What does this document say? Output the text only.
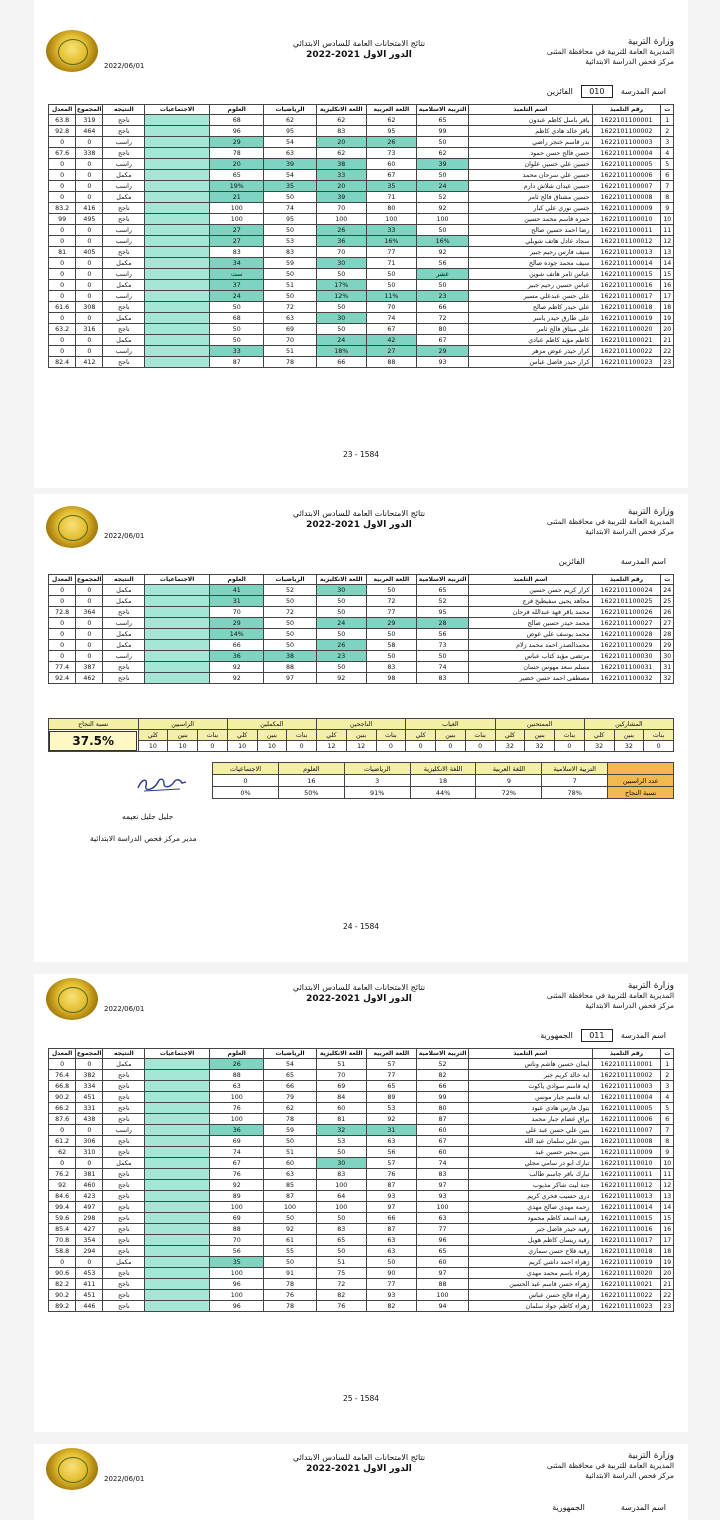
2022/06/01
نتائج الامتحانات العامة للسادس الابتدائي
2022-2021 الدور الاول
وزارة التربية
المديرية العامة للتربية في محافظة المثنى
مركز فحص الدراسة الابتدائية
اسم المدرسة
010
الفائزين
ت	رقم التلميذ	اسم التلميذ	التربية الاسلامية	اللغة العربية	اللغة الانكليزية	الرياضيات	العلوم	الاجتماعيات	النتيجه	المجموع	المعدل
1	1622101100001	باقر باسل كاظم عبدون	65	62	62	62	68		ناجح	319	63.8
2	1622101100002	باقر خالد هادي كاظم	99	95	83	95	96		ناجح	464	92.8
3	1622101100003	بدر قاسم خنجر راضي	50	26	20	54	29		راسب	0	0
4	1622101100004	حسن فالح حسن حمود	62	73	62	63	78		ناجح	338	67.6
5	1622101100005	حسين علي حسين علوان	39	60	38	39	20		راسب	0	0
6	1622101100006	حسين علي سرحان محمد	50	67	33	54	65		مكمل	0	0
7	1622101100007	حسين عيدان شلاش دارم	24	35	20	35	19%		راسب	0	0
8	1622101100008	حسين مشتاق فالح ثامر	52	71	39	50	21		مكمل	0	0
9	1622101100009	حسين نوري علي كبار	92	80	70	74	100		ناجح	416	83.2
10	1622101100010	حمزه قاسم محمد حسين	100	100	100	95	100		ناجح	495	99
11	1622101100011	رضا احمد حسين صالح	50	33	26	50	27		راسب	0	0
12	1622101100012	سجاد عادل هاتف شويلي	16%	16%	36	53	27		راسب	0	0
13	1622101100013	سيف فارس رحيم جبير	92	77	70	83	83		ناجح	405	81
14	1622101100014	سيف محمد جوده صالح	56	71	30	59	34		مكمل	0	0
15	1622101100015	عباس ثامر هاتف شوين	عشر	50	50	50	ست		راسب	0	0
16	1622101100016	عباس حسين رحيم جبير	50	50	17%	51	37		مكمل	0	0
17	1622101100017	علي حسن عبدعلي مسير	23	11%	12%	50	24		راسب	0	0
18	1622101100018	علي حيدر كاظم صالح	66	70	50	72	50		ناجح	308	61.6
19	1622101100019	علي طارق حيدر ياسر	72	74	30	63	68		مكمل	0	0
20	1622101100020	علي ميثاق فالح ثامر	80	67	50	69	50		ناجح	316	63.2
21	1622101100021	كاظم مؤيد كاظم عبادي	67	42	24	70	50		مكمل	0	0
22	1622101100022	كرار حيدر عوض مزهر	29	27	18%	51	33		راسب	0	0
23	1622101100023	كرار حيدر فاضل عباس	93	88	66	78	87		ناجح	412	82.4
23 - 1584
2022/06/01
نتائج الامتحانات العامة للسادس الابتدائي
2022-2021 الدور الاول
وزارة التربية
المديرية العامة للتربية في محافظة المثنى
مركز فحص الدراسة الابتدائية
اسم المدرسة
الفائزين
ت	رقم التلميذ	اسم التلميذ	التربية الاسلامية	اللغة العربية	اللغة الانكليزية	الرياضيات	العلوم	الاجتماعيات	النتيجه	المجموع	المعدل
24	1622101100024	كرار كريم حسن حسين	65	50	30	52	41		مكمل	0	0
25	1622101100025	مجاهد يحيى سفيطيخ فرج	52	72	50	50	31		مكمل	0	0
26	1622101100026	محمد باقر فهد عبدالله فرحان	95	77	50	72	70		ناجح	364	72.8
27	1622101100027	محمد حيدر حسين صالح	28	29	24	50	29		راسب	0	0
28	1622101100028	محمد يوسف علي عوض	56	50	50	50	14%		مكمل	0	0
29	1622101100029	محمدالصدر احمد محمد زلام	73	58	26	50	66		مكمل	0	0
30	1622101100030	مرتضى مؤيد كتاب عباس	50	50	23	38	36		راسب	0	0
31	1622101100031	مسلم سعد مهوس حسان	74	83	50	88	92		ناجح	387	77.4
32	1622101100032	مصطفى احمد حسن خضير	83	98	92	97	92		ناجح	462	92.4
المشاركين			الممتحنين			الغياب			الناجحين			المكملين			الراسبين			نسبة النجاح
بنات	بنين	كلي	بنات	بنين	كلي	بنات	بنين	كلي	بنات	بنين	كلي	بنات	بنين	كلي	بنات	بنين	كلي	37.5%
0	32	32	0	32	32	0	0	0	0	12	12	0	10	10	0	10	10	
	التربية الاسلامية	اللغة العربية	اللغة الانكليزية	الرياضيات	العلوم	الاجتماعيات
عدد الراسبين	7	9	18	3	16	0
نسبة النجاح	78%	72%	44%	91%	50%	0%
جليل جليل نعيمه
مدير مركز فحص الدراسة الابتدائية
24 - 1584
2022/06/01
نتائج الامتحانات العامة للسادس الابتدائي
2022-2021 الدور الاول
وزارة التربية
المديرية العامة للتربية في محافظة المثنى
مركز فحص الدراسة الابتدائية
اسم المدرسة
011
الجمهورية
ت	رقم التلميذ	اسم التلميذ	التربية الاسلامية	اللغة العربية	اللغة الانكليزية	الرياضيات	العلوم	الاجتماعيات	النتيجه	المجموع	المعدل
1	1622101110001	ايمان حسين هاشم وناس	52	57	51	54	26		مكمل	0	0
2	1622101110002	اية خالد كريم جبر	82	77	70	65	88		ناجح	382	76.4
3	1622101110003	اية قاسم سوادي ياكوت	66	65	69	66	63		ناجح	334	66.8
4	1622101110004	اية قاسم جبار مونس	99	89	84	79	100		ناجح	451	90.2
5	1622101110005	بتول فارس هادي عبود	80	53	60	62	76		ناجح	331	66.2
6	1622101110006	براق عصام جبار محمد	87	92	81	78	100		ناجح	438	87.6
7	1622101110007	بنين علي حسن عبد علي	60	31	32	59	36		راسب	0	0
8	1622101110008	بنين علي سلمان عبد الله	67	63	53	50	69		ناجح	306	61.2
9	1622101110009	بنين مجبر حسين عبد	60	56	50	51	74		ناجح	310	62
10	1622101110010	تبارك ابو در سامي مجلي	74	57	30	60	67		مكمل	0	0
11	1622101110011	تبارك باقر جاسم طالب	83	76	83	63	76		ناجح	381	76.2
12	1622101110012	جنة ليث شاكر مذيوب	97	87	100	85	92		ناجح	460	92
13	1622101110013	درى حسيب فخري كريم	93	93	64	87	89		ناجح	423	84.6
14	1622101110014	رحمة مهدي صالح مهدي	100	97	100	100	100		ناجح	497	99.4
15	1622101110015	رقية اسعد كاظم محمود	63	66	50	50	69		ناجح	298	59.6
16	1622101110016	رقية حيدر فاضل جبر	77	87	83	92	88		ناجح	427	85.4
17	1622101110017	رقية ريسان كاظم هويل	96	63	65	61	70		ناجح	354	70.8
18	1622101110018	رقية فلاح حسن سماري	65	63	50	55	56		ناجح	294	58.8
19	1622101110019	زهراء احمد داشي كريم	60	50	51	50	35		مكمل	0	0
20	1622101110020	زهراء باسم محمد مهدي	97	90	75	91	100		ناجح	453	90.6
21	1622101110021	زهراء حسن قاسم عبد الحسين	88	77	72	78	96		ناجح	411	82.2
22	1622101110022	زهراء فالح حسن عباس	100	93	82	76	100		ناجح	451	90.2
23	1622101110023	زهراء كاظم جواد سلمان	94	82	76	78	96		ناجح	446	89.2
25 - 1584
2022/06/01
نتائج الامتحانات العامة للسادس الابتدائي
2022-2021 الدور الاول
وزارة التربية
المديرية العامة للتربية في محافظة المثنى
مركز فحص الدراسة الابتدائية
اسم المدرسة
الجمهورية
